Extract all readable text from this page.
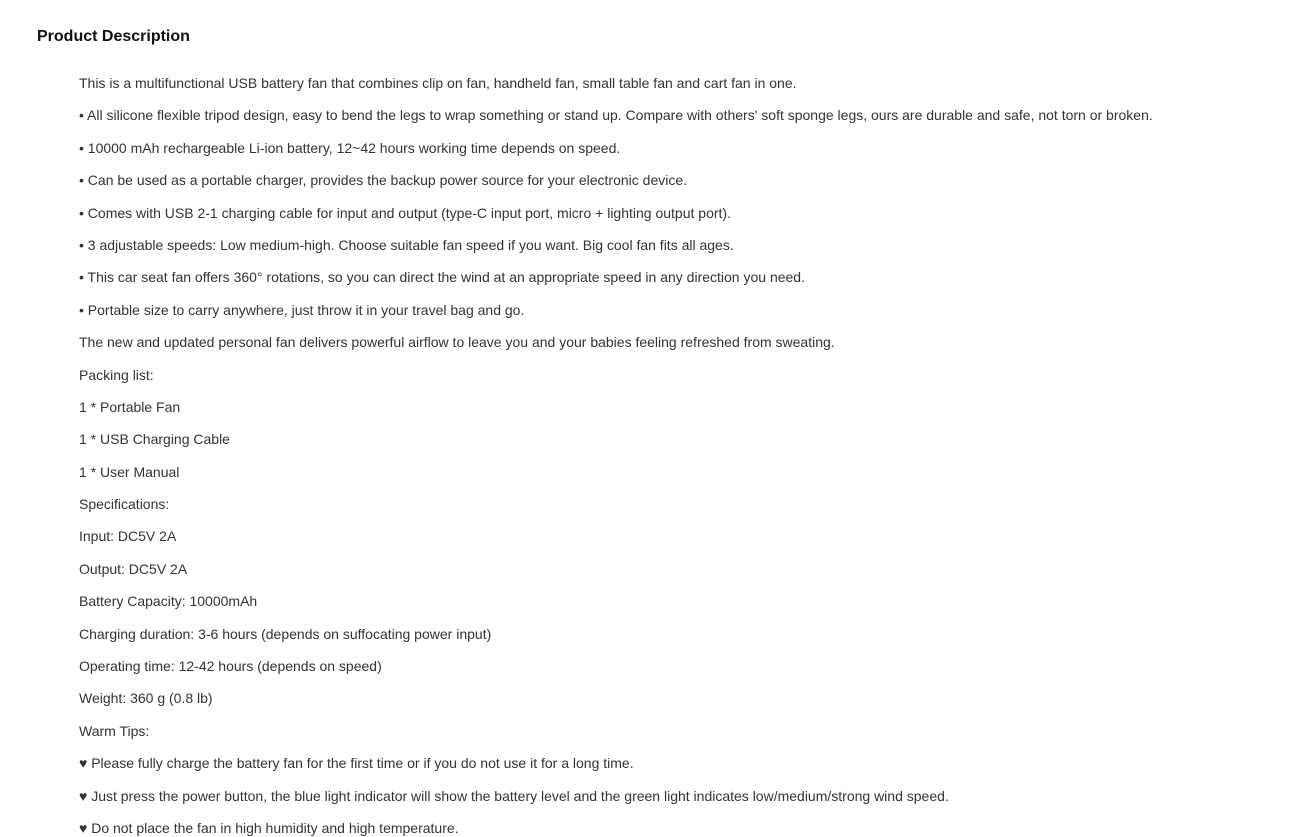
Product Description

This is a multifunctional USB battery fan that combines clip on fan, handheld fan, small table fan and cart fan in one.

• All silicone flexible tripod design, easy to bend the legs to wrap something or stand up. Compare with others' soft sponge legs, ours are durable and safe, not torn or broken.

• 10000 mAh rechargeable Li-ion battery, 12~42 hours working time depends on speed.

• Can be used as a portable charger, provides the backup power source for your electronic device.

• Comes with USB 2-1 charging cable for input and output (type-C input port, micro + lighting output port).

• 3 adjustable speeds: Low medium-high. Choose suitable fan speed if you want. Big cool fan fits all ages.

• This car seat fan offers 360° rotations, so you can direct the wind at an appropriate speed in any direction you need.

• Portable size to carry anywhere, just throw it in your travel bag and go.

The new and updated personal fan delivers powerful airflow to leave you and your babies feeling refreshed from sweating.

Packing list:

1 * Portable Fan

1 * USB Charging Cable

1 * User Manual

Specifications:

Input: DC5V 2A

Output: DC5V 2A

Battery Capacity: 10000mAh

Charging duration: 3-6 hours (depends on suffocating power input)

Operating time: 12-42 hours (depends on speed)

Weight: 360 g (0.8 lb)

Warm Tips:

♥ Please fully charge the battery fan for the first time or if you do not use it for a long time.

♥ Just press the power button, the blue light indicator will show the battery level and the green light indicates low/medium/strong wind speed.

♥ Do not place the fan in high humidity and high temperature.
